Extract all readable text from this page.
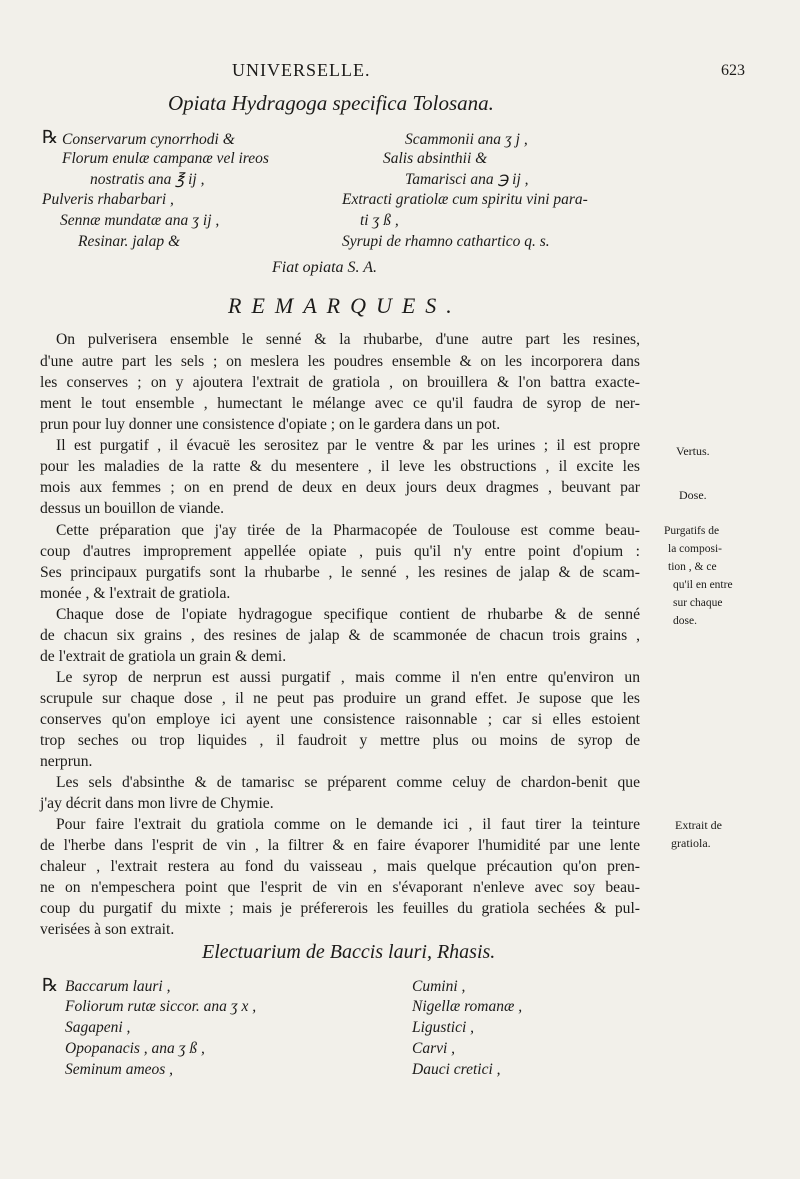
UNIVERSELLE.	623
Opiata Hydragoga specifica Tolosana.
℞ Conservarum cynorrhodi &
Florum enulæ campanæ vel ireos
nostratis ana ℥ ij ,
Pulveris rhabarbari ,
Sennæ mundatæ ana ʒ ij ,
Resinar. jalap &
Scammonii ana ʒ j ,
Salis absinthii &
Tamarisci ana ℈ ij ,
Extracti gratiolæ cum spiritu vini para-
ti ʒ ß ,
Syrupi de rhamno cathartico q. s.
Fiat opiata S. A.
REMARQUES.
On pulverisera ensemble le senné & la rhubarbe, d'une autre part les resines,
d'une autre part les sels ; on meslera les poudres ensemble & on les incorporera dans
les conserves ; on y ajoutera l'extrait de gratiola , on brouillera & l'on battra exacte-
ment le tout ensemble , humectant le mélange avec ce qu'il faudra de syrop de ner-
prun pour luy donner une consistence d'opiate ; on le gardera dans un pot.
Il est purgatif , il évacuë les serositez par le ventre & par les urines ; il est propre
pour les maladies de la ratte & du mesentere , il leve les obstructions , il excite les
mois aux femmes ; on en prend de deux en deux jours deux dragmes , beuvant par
dessus un bouillon de viande.
Cette préparation que j'ay tirée de la Pharmacopée de Toulouse est comme beau-
coup d'autres improprement appellée opiate , puis qu'il n'y entre point d'opium :
Ses principaux purgatifs sont la rhubarbe , le senné , les resines de jalap & de scam-
monée , & l'extrait de gratiola.
Chaque dose de l'opiate hydragogue specifique contient de rhubarbe & de senné
de chacun six grains , des resines de jalap & de scammonée de chacun trois grains ,
de l'extrait de gratiola un grain & demi.
Le syrop de nerprun est aussi purgatif , mais comme il n'en entre qu'environ un
scrupule sur chaque dose , il ne peut pas produire un grand effet. Je supose que les
conserves qu'on employe ici ayent une consistence raisonnable ; car si elles estoient
trop seches ou trop liquides , il faudroit y mettre plus ou moins de syrop de
nerprun.
Les sels d'absinthe & de tamarisc se préparent comme celuy de chardon-benit que
j'ay décrit dans mon livre de Chymie.
Pour faire l'extrait du gratiola comme on le demande ici , il faut tirer la teinture
de l'herbe dans l'esprit de vin , la filtrer & en faire évaporer l'humidité par une lente
chaleur , l'extrait restera au fond du vaisseau , mais quelque précaution qu'on pren-
ne on n'empeschera point que l'esprit de vin en s'évaporant n'enleve avec soy beau-
coup du purgatif du mixte ; mais je préfererois les feuilles du gratiola sechées & pul-
verisées à son extrait.
Vertus.
Dose.
Purgatifs de
la composi-
tion , & ce
qu'il en entre
sur chaque
dose.
Extrait de
gratiola.
Electuarium de Baccis lauri, Rhasis.
℞ Baccarum lauri ,
Foliorum rutæ siccor. ana ʒ x ,
Sagapeni ,
Opopanacis , ana ʒ ß ,
Seminum ameos ,
Cumini ,
Nigellæ romanæ ,
Ligustici ,
Carvi ,
Dauci cretici ,
